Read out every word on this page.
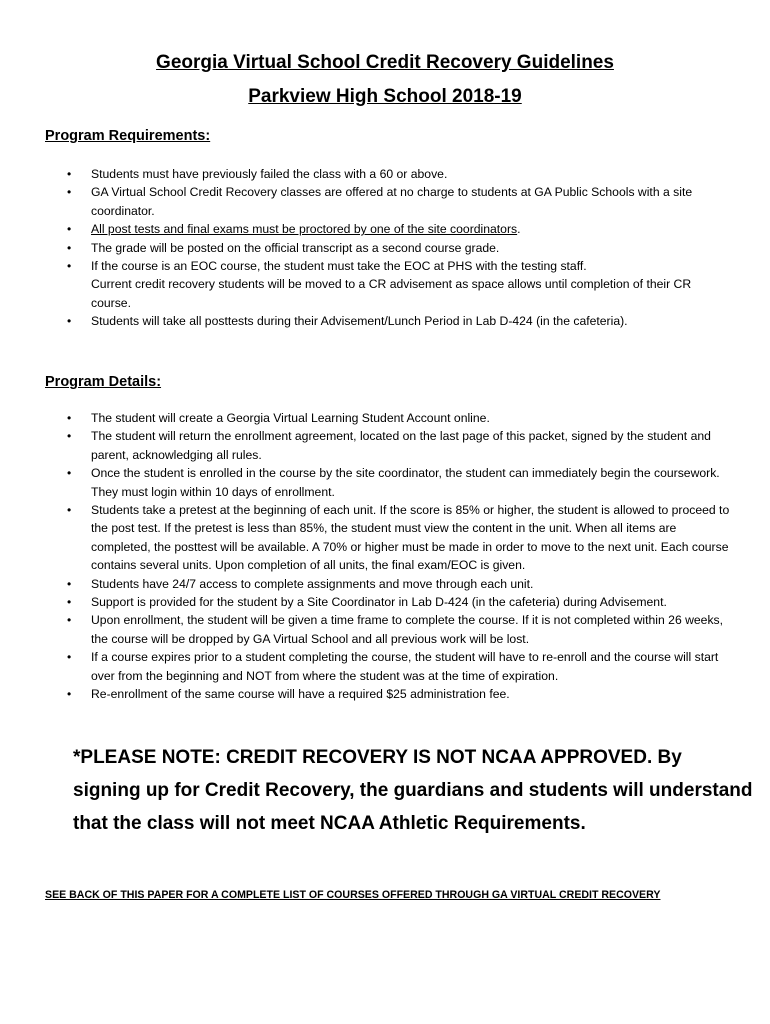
Georgia Virtual School Credit Recovery Guidelines
Parkview High School 2018-19
Program Requirements:
• Students must have previously failed the class with a 60 or above.
• GA Virtual School Credit Recovery classes are offered at no charge to students at GA Public Schools with a site coordinator.
• All post tests and final exams must be proctored by one of the site coordinators.
• The grade will be posted on the official transcript as a second course grade.
• If the course is an EOC course, the student must take the EOC at PHS with the testing staff.
Current credit recovery students will be moved to a CR advisement as space allows until completion of their CR course.
• Students will take all posttests during their Advisement/Lunch Period in Lab D-424 (in the cafeteria).
Program Details:
• The student will create a Georgia Virtual Learning Student Account online.
• The student will return the enrollment agreement, located on the last page of this packet, signed by the student and parent, acknowledging all rules.
• Once the student is enrolled in the course by the site coordinator, the student can immediately begin the coursework. They must login within 10 days of enrollment.
• Students take a pretest at the beginning of each unit. If the score is 85% or higher, the student is allowed to proceed to the post test. If the pretest is less than 85%, the student must view the content in the unit. When all items are completed, the posttest will be available. A 70% or higher must be made in order to move to the next unit. Each course contains several units. Upon completion of all units, the final exam/EOC is given.
• Students have 24/7 access to complete assignments and move through each unit.
• Support is provided for the student by a Site Coordinator in Lab D-424 (in the cafeteria) during Advisement.
• Upon enrollment, the student will be given a time frame to complete the course. If it is not completed within 26 weeks, the course will be dropped by GA Virtual School and all previous work will be lost.
• If a course expires prior to a student completing the course, the student will have to re-enroll and the course will start over from the beginning and NOT from where the student was at the time of expiration.
• Re-enrollment of the same course will have a required $25 administration fee.
*PLEASE NOTE: CREDIT RECOVERY IS NOT NCAA APPROVED. By signing up for Credit Recovery, the guardians and students will understand that the class will not meet NCAA Athletic Requirements.
SEE BACK OF THIS PAPER FOR A COMPLETE LIST OF COURSES OFFERED THROUGH GA VIRTUAL CREDIT RECOVERY
